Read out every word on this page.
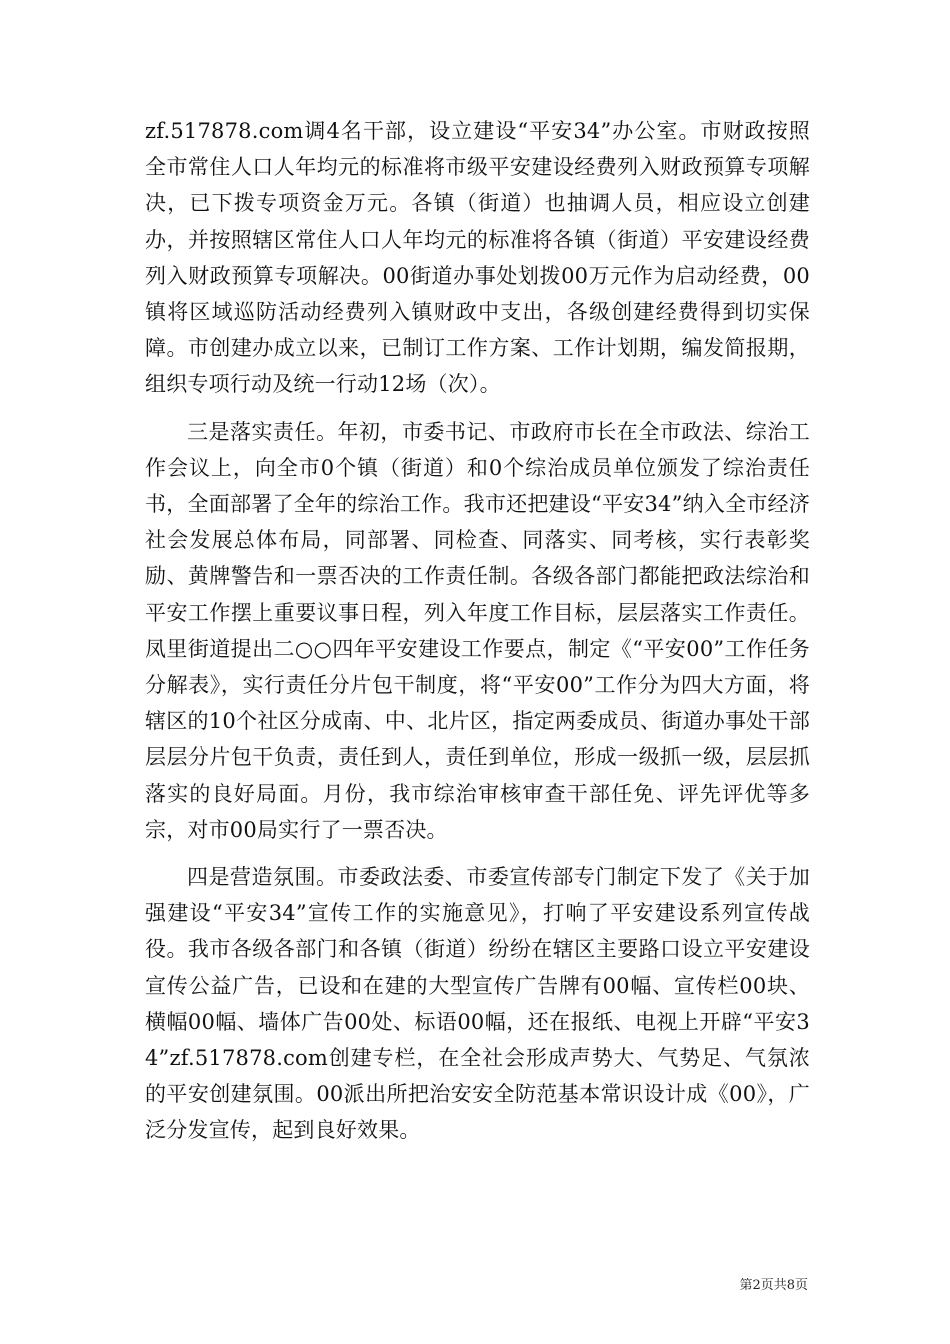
zf.517878.com调4名干部，设立建设“平安34”办公室。市财政按照全市常住人口人年均元的标准将市级平安建设经费列入财政预算专项解决，已下拨专项资金万元。各镇（街道）也抽调人员，相应设立创建办，并按照辖区常住人口人年均元的标准将各镇（街道）平安建设经费列入财政预算专项解决。00街道办事处划拨00万元作为启动经费，00镇将区域巡防活动经费列入镇财政中支出，各级创建经费得到切实保障。市创建办成立以来，已制订工作方案、工作计划期，编发简报期，组织专项行动及统一行动12场（次）。

三是落实责任。年初，市委书记、市政府市长在全市政法、综治工作会议上，向全市0个镇（街道）和0个综治成员单位颁发了综治责任书，全面部署了全年的综治工作。我市还把建设“平安34”纳入全市经济社会发展总体布局，同部署、同检查、同落实、同考核，实行表彰奖励、黄牌警告和一票否决的工作责任制。各级各部门都能把政法综治和平安工作摆上重要议事日程，列入年度工作目标，层层落实工作责任。凤里街道提出二○○四年平安建设工作要点，制定《“平安00”工作任务分解表》，实行责任分片包干制度，将“平安00”工作分为四大方面，将辖区的10个社区分成南、中、北片区，指定两委成员、街道办事处干部层层分片包干负责，责任到人，责任到单位，形成一级抓一级，层层抓落实的良好局面。月份，我市综治审核审查干部任免、评先评优等多宗，对市00局实行了一票否决。

四是营造氛围。市委政法委、市委宣传部专门制定下发了《关于加强建设“平安34”宣传工作的实施意见》，打响了平安建设系列宣传战役。我市各级各部门和各镇（街道）纷纷在辖区主要路口设立平安建设宣传公益广告，已设和在建的大型宣传广告牌有00幅、宣传栏00块、横幅00幅、墙体广告00处、标语00幅，还在报纸、电视上开辟“平安34”zf.517878.com创建专栏，在全社会形成声势大、气势足、气氛浓的平安创建氛围。00派出所把治安安全防范基本常识设计成《00》，广泛分发宣传，起到良好效果。

第2页共8页
